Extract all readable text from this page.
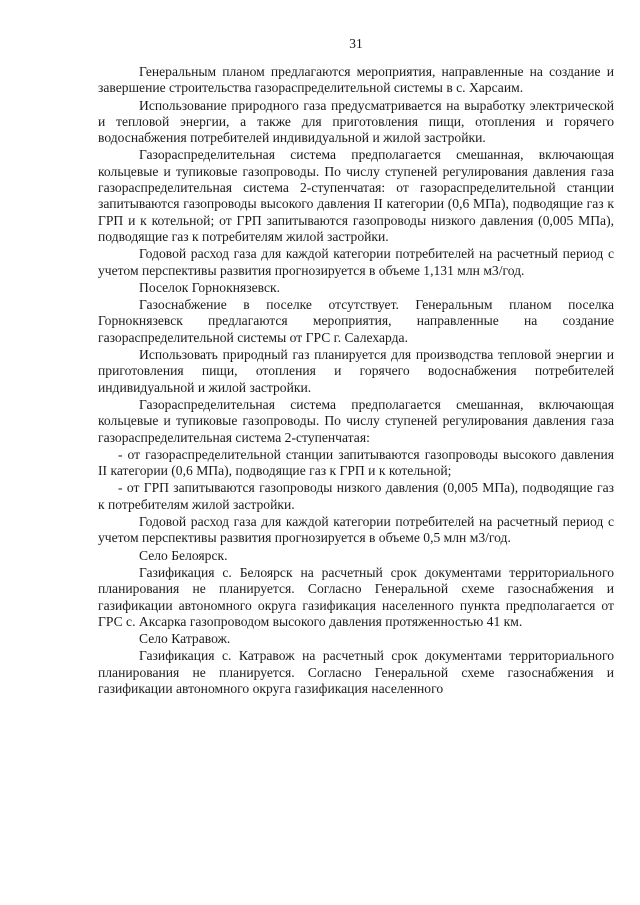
31

Генеральным планом предлагаются мероприятия, направленные на создание и завершение строительства газораспределительной системы в с. Харсаим.

Использование природного газа предусматривается на выработку электрической и тепловой энергии, а также для приготовления пищи, отопления и горячего водоснабжения потребителей индивидуальной и жилой застройки.

Газораспределительная система предполагается смешанная, включающая кольцевые и тупиковые газопроводы. По числу ступеней регулирования давления газа газораспределительная система 2-ступенчатая: от газораспределительной станции запитываются газопроводы высокого давления II категории (0,6 МПа), подводящие газ к ГРП и к котельной; от ГРП запитываются газопроводы низкого давления (0,005 МПа), подводящие газ к потребителям жилой застройки.

Годовой расход газа для каждой категории потребителей на расчетный период с учетом перспективы развития прогнозируется в объеме 1,131 млн м3/год.

Поселок Горнокнязевск.

Газоснабжение в поселке отсутствует. Генеральным планом поселка Горнокнязевск предлагаются мероприятия, направленные на создание газораспределительной системы от ГРС г. Салехарда.

Использовать природный газ планируется для производства тепловой энергии и приготовления пищи, отопления и горячего водоснабжения потребителей индивидуальной и жилой застройки.

Газораспределительная система предполагается смешанная, включающая кольцевые и тупиковые газопроводы. По числу ступеней регулирования давления газа газораспределительная система 2-ступенчатая:

- от газораспределительной станции запитываются газопроводы высокого давления II категории (0,6 МПа), подводящие газ к ГРП и к котельной;

- от ГРП запитываются газопроводы низкого давления (0,005 МПа), подводящие газ к потребителям жилой застройки.

Годовой расход газа для каждой категории потребителей на расчетный период с учетом перспективы развития прогнозируется в объеме 0,5 млн м3/год.

Село Белоярск.

Газификация с. Белоярск на расчетный срок документами территориального планирования не планируется. Согласно Генеральной схеме газоснабжения и газификации автономного округа газификация населенного пункта предполагается от ГРС с. Аксарка газопроводом высокого давления протяженностью 41 км.

Село Катравож.

Газификация с. Катравож на расчетный срок документами территориального планирования не планируется. Согласно Генеральной схеме газоснабжения и газификации автономного округа газификация населенного
